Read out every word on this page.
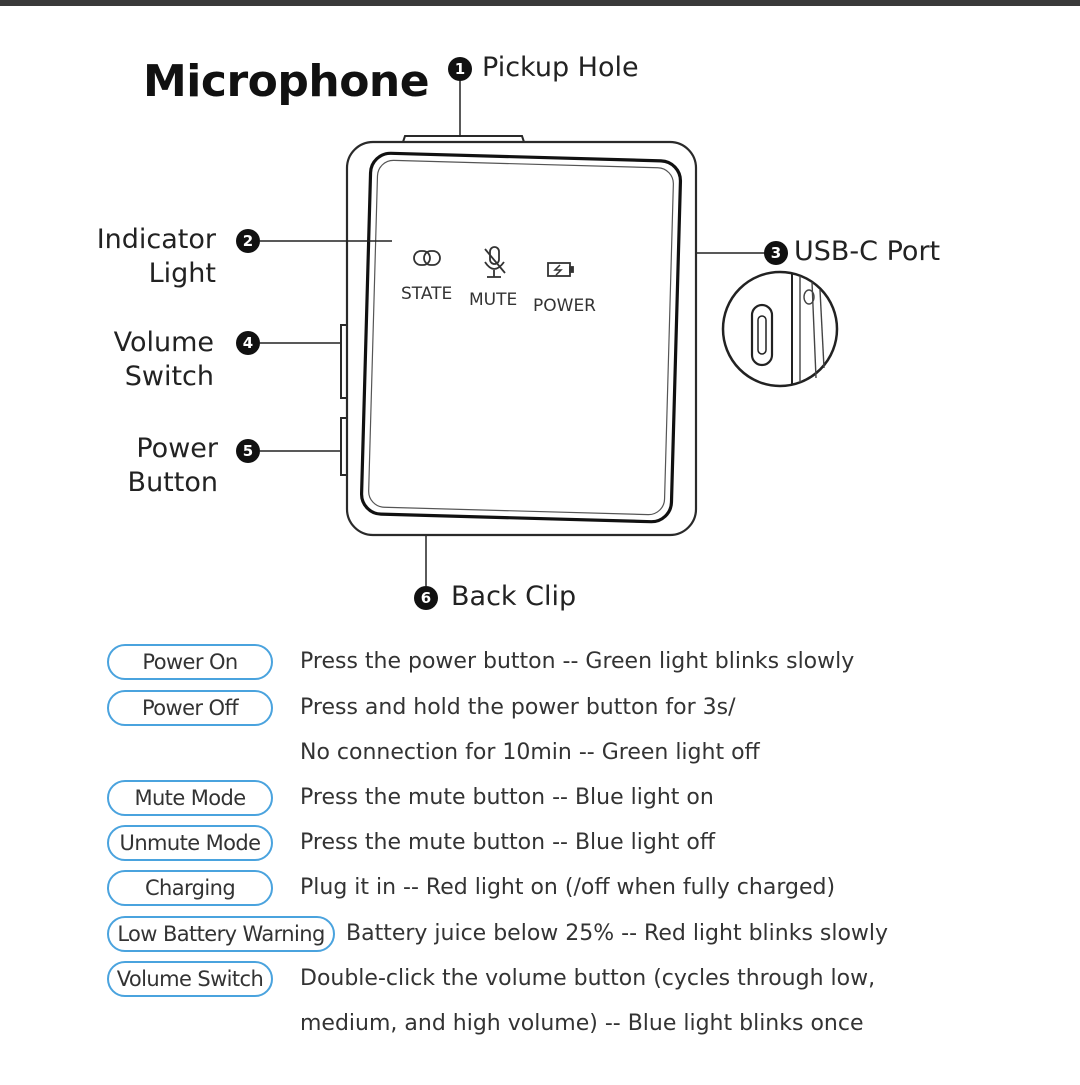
Microphone
STATE MUTE POWER
1 Pickup Hole
Indicator
Light
2
3 USB-C Port
Volume
Switch
4
Power
Button
5
6 Back Clip
Power On	Press the power button -- Green light blinks slowly
Power Off	Press and hold the power button for 3s/
No connection for 10min -- Green light off
Mute Mode	Press the mute button -- Blue light on
Unmute Mode	Press the mute button -- Blue light off
Charging	Plug it in -- Red light on (/off when fully charged)
Low Battery Warning Battery juice below 25% -- Red light blinks slowly
Volume Switch	Double-click the volume button (cycles through low,
medium, and high volume) -- Blue light blinks once
